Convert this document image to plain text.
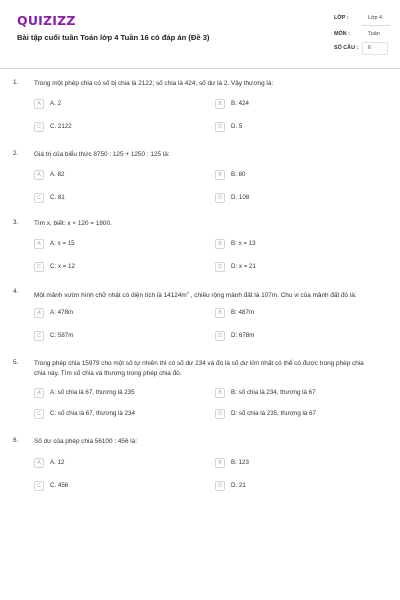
QUIZIZZ
Bài tập cuối tuần Toán lớp 4 Tuần 16 có đáp án (Đề 3)
LỚP :	Lớp 4
MÔN :	Toán
SỐ CÂU : 6
1. Trong một phép chia có số bị chia là 2122; số chia là 424; số dư là 2. Vậy thương là:
A	A. 2	B	B. 424
C	C. 2122	D	D. 5
2. Giá trị của biểu thức 8750 : 125 + 1250 : 125 là:
A	A. 82	B	B. 80
C	C. 81	D	D. 108
3. Tìm x, biết: x × 120 = 1800.
A	A: x = 15	B	B: x = 13
C	C: x = 12	D	D: x = 21
4.
Một mảnh vườn hình chữ nhật có diện tích là $14124m^2$ , chiều rộng mảnh đất là 107m. Chu vi của mảnh đất đó là:
A	A: 478m	B	B: 487m
C	C: 587m	D	D: 678m
5. Trong phép chia 15979 cho một số tự nhiên thì có số dư 234 và đó là số dư lớn nhất có thể có được trong phép chia chia này. Tìm số chia và thương trong phép chia đó.
A	A: số chia là 67, thương là 235	B	B: số chia là 234, thương là 67
C	C: số chia là 67, thương là 234	D	D: số chia là 235, thương là 67
6. Số dư của phép chia 56100 : 456 là:
A	A. 12	B	B. 123
C	C. 456	D	D. 21
